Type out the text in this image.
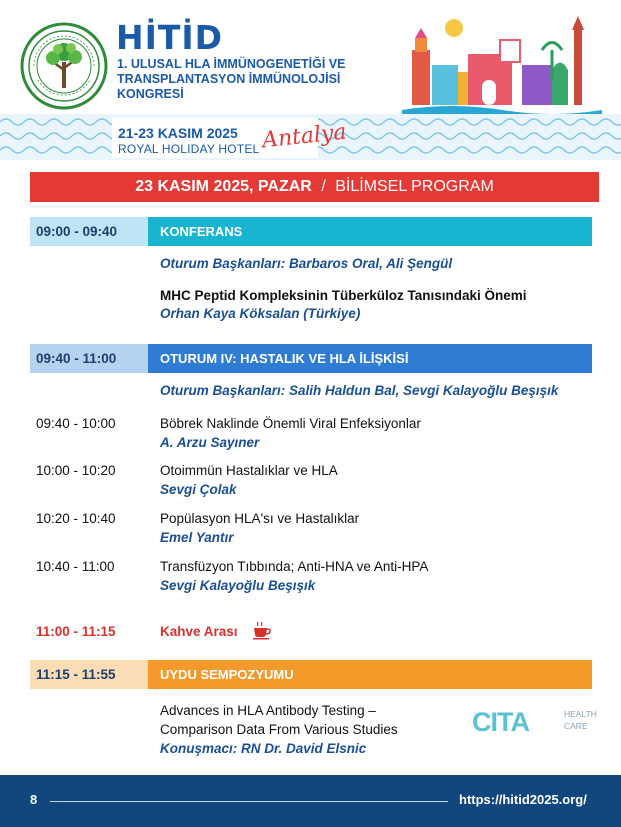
HİTİD
1. ULUSAL HLA İMMÜNOGENETİĞİ VE
TRANSPLANTASYON İMMÜNOLOJİSİ
KONGRESİ
21-23 KASIM 2025
ROYAL HOLIDAY HOTEL Antalya
23 KASIM 2025, PAZAR / BİLİMSEL PROGRAM
09:00 - 09:40	KONFERANS
Oturum Başkanları: Barbaros Oral, Ali Şengül
MHC Peptid Kompleksinin Tüberküloz Tanısındaki Önemi
Orhan Kaya Köksalan (Türkiye)
09:40 - 11:00	OTURUM IV: HASTALIK VE HLA İLİŞKİSİ
Oturum Başkanları: Salih Haldun Bal, Sevgi Kalayoğlu Beşışık
09:40 - 10:00	Böbrek Naklinde Önemli Viral Enfeksiyonlar
A. Arzu Sayıner
10:00 - 10:20	Otoimmün Hastalıklar ve HLA
Sevgi Çolak
10:20 - 10:40	Popülasyon HLA'sı ve Hastalıklar
Emel Yantır
10:40 - 11:00	Transfüzyon Tıbbında; Anti-HNA ve Anti-HPA
Sevgi Kalayoğlu Beşışık
11:00 - 11:15	Kahve Arası
11:15 - 11:55	UYDU SEMPOZYUMU
Advances in HLA Antibody Testing –
Comparison Data From Various Studies
Konuşmacı: RN Dr. David Elsnic
CITA	HEALTH
CARE
8	https://hitid2025.org/
